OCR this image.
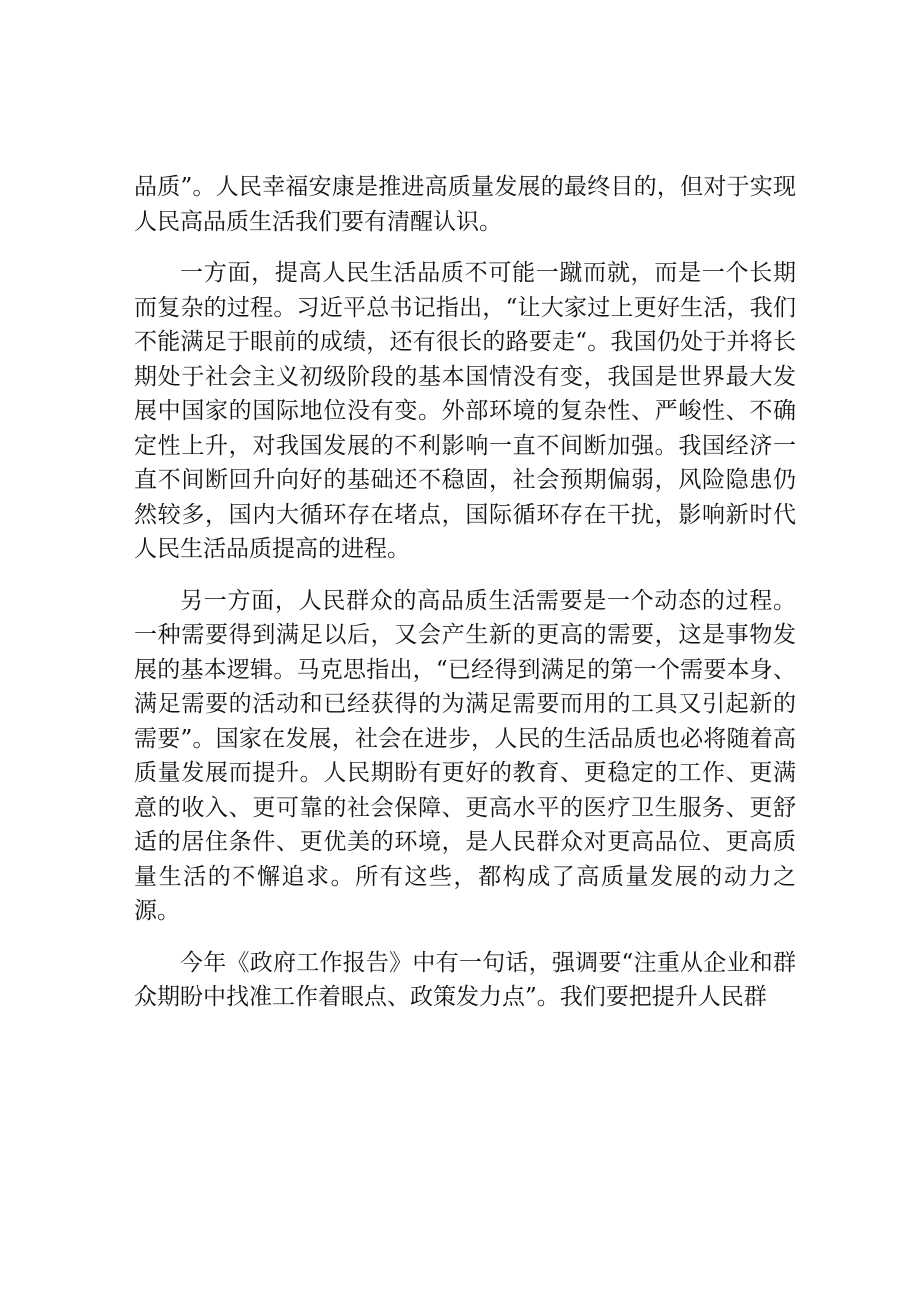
品质”。人民幸福安康是推进高质量发展的最终目的，但对于实现人民高品质生活我们要有清醒认识。

一方面，提高人民生活品质不可能一蹴而就，而是一个长期而复杂的过程。习近平总书记指出，“让大家过上更好生活，我们不能满足于眼前的成绩，还有很长的路要走“。我国仍处于并将长期处于社会主义初级阶段的基本国情没有变，我国是世界最大发展中国家的国际地位没有变。外部环境的复杂性、严峻性、不确定性上升，对我国发展的不利影响一直不间断加强。我国经济一直不间断回升向好的基础还不稳固，社会预期偏弱，风险隐患仍然较多，国内大循环存在堵点，国际循环存在干扰，影响新时代人民生活品质提高的进程。

另一方面，人民群众的高品质生活需要是一个动态的过程。一种需要得到满足以后，又会产生新的更高的需要，这是事物发展的基本逻辑。马克思指出，“已经得到满足的第一个需要本身、满足需要的活动和已经获得的为满足需要而用的工具又引起新的需要”。国家在发展，社会在进步，人民的生活品质也必将随着高质量发展而提升。人民期盼有更好的教育、更稳定的工作、更满意的收入、更可靠的社会保障、更高水平的医疗卫生服务、更舒适的居住条件、更优美的环境，是人民群众对更高品位、更高质量生活的不懈追求。所有这些，都构成了高质量发展的动力之源。

今年《政府工作报告》中有一句话，强调要“注重从企业和群众期盼中找准工作着眼点、政策发力点”。我们要把提升人民群
